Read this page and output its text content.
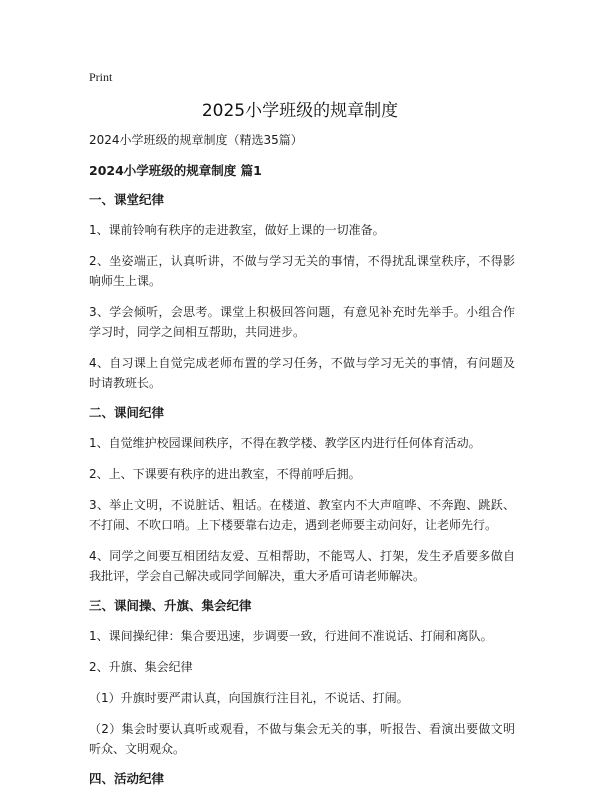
Print
2025小学班级的规章制度

2024小学班级的规章制度（精选35篇）

2024小学班级的规章制度 篇1

一、课堂纪律

1、课前铃响有秩序的走进教室，做好上课的一切准备。

2、坐姿端正，认真听讲，不做与学习无关的事情，不得扰乱课堂秩序，不得影响师生上课。

3、学会倾听，会思考。课堂上积极回答问题，有意见补充时先举手。小组合作学习时，同学之间相互帮助，共同进步。

4、自习课上自觉完成老师布置的学习任务，不做与学习无关的事情，有问题及时请教班长。

二、课间纪律

1、自觉维护校园课间秩序，不得在教学楼、教学区内进行任何体育活动。

2、上、下课要有秩序的进出教室，不得前呼后拥。

3、举止文明，不说脏话、粗话。在楼道、教室内不大声喧哗、不奔跑、跳跃、不打闹、不吹口哨。上下楼要靠右边走，遇到老师要主动问好，让老师先行。

4、同学之间要互相团结友爱、互相帮助，不能骂人、打架，发生矛盾要多做自我批评，学会自己解决或同学间解决，重大矛盾可请老师解决。

三、课间操、升旗、集会纪律

1、课间操纪律：集合要迅速，步调要一致，行进间不准说话、打闹和离队。

2、升旗、集会纪律

（1）升旗时要严肃认真，向国旗行注目礼，不说话、打闹。

（2）集会时要认真听或观看，不做与集会无关的事，听报告、看演出要做文明听众、文明观众。

四、活动纪律
